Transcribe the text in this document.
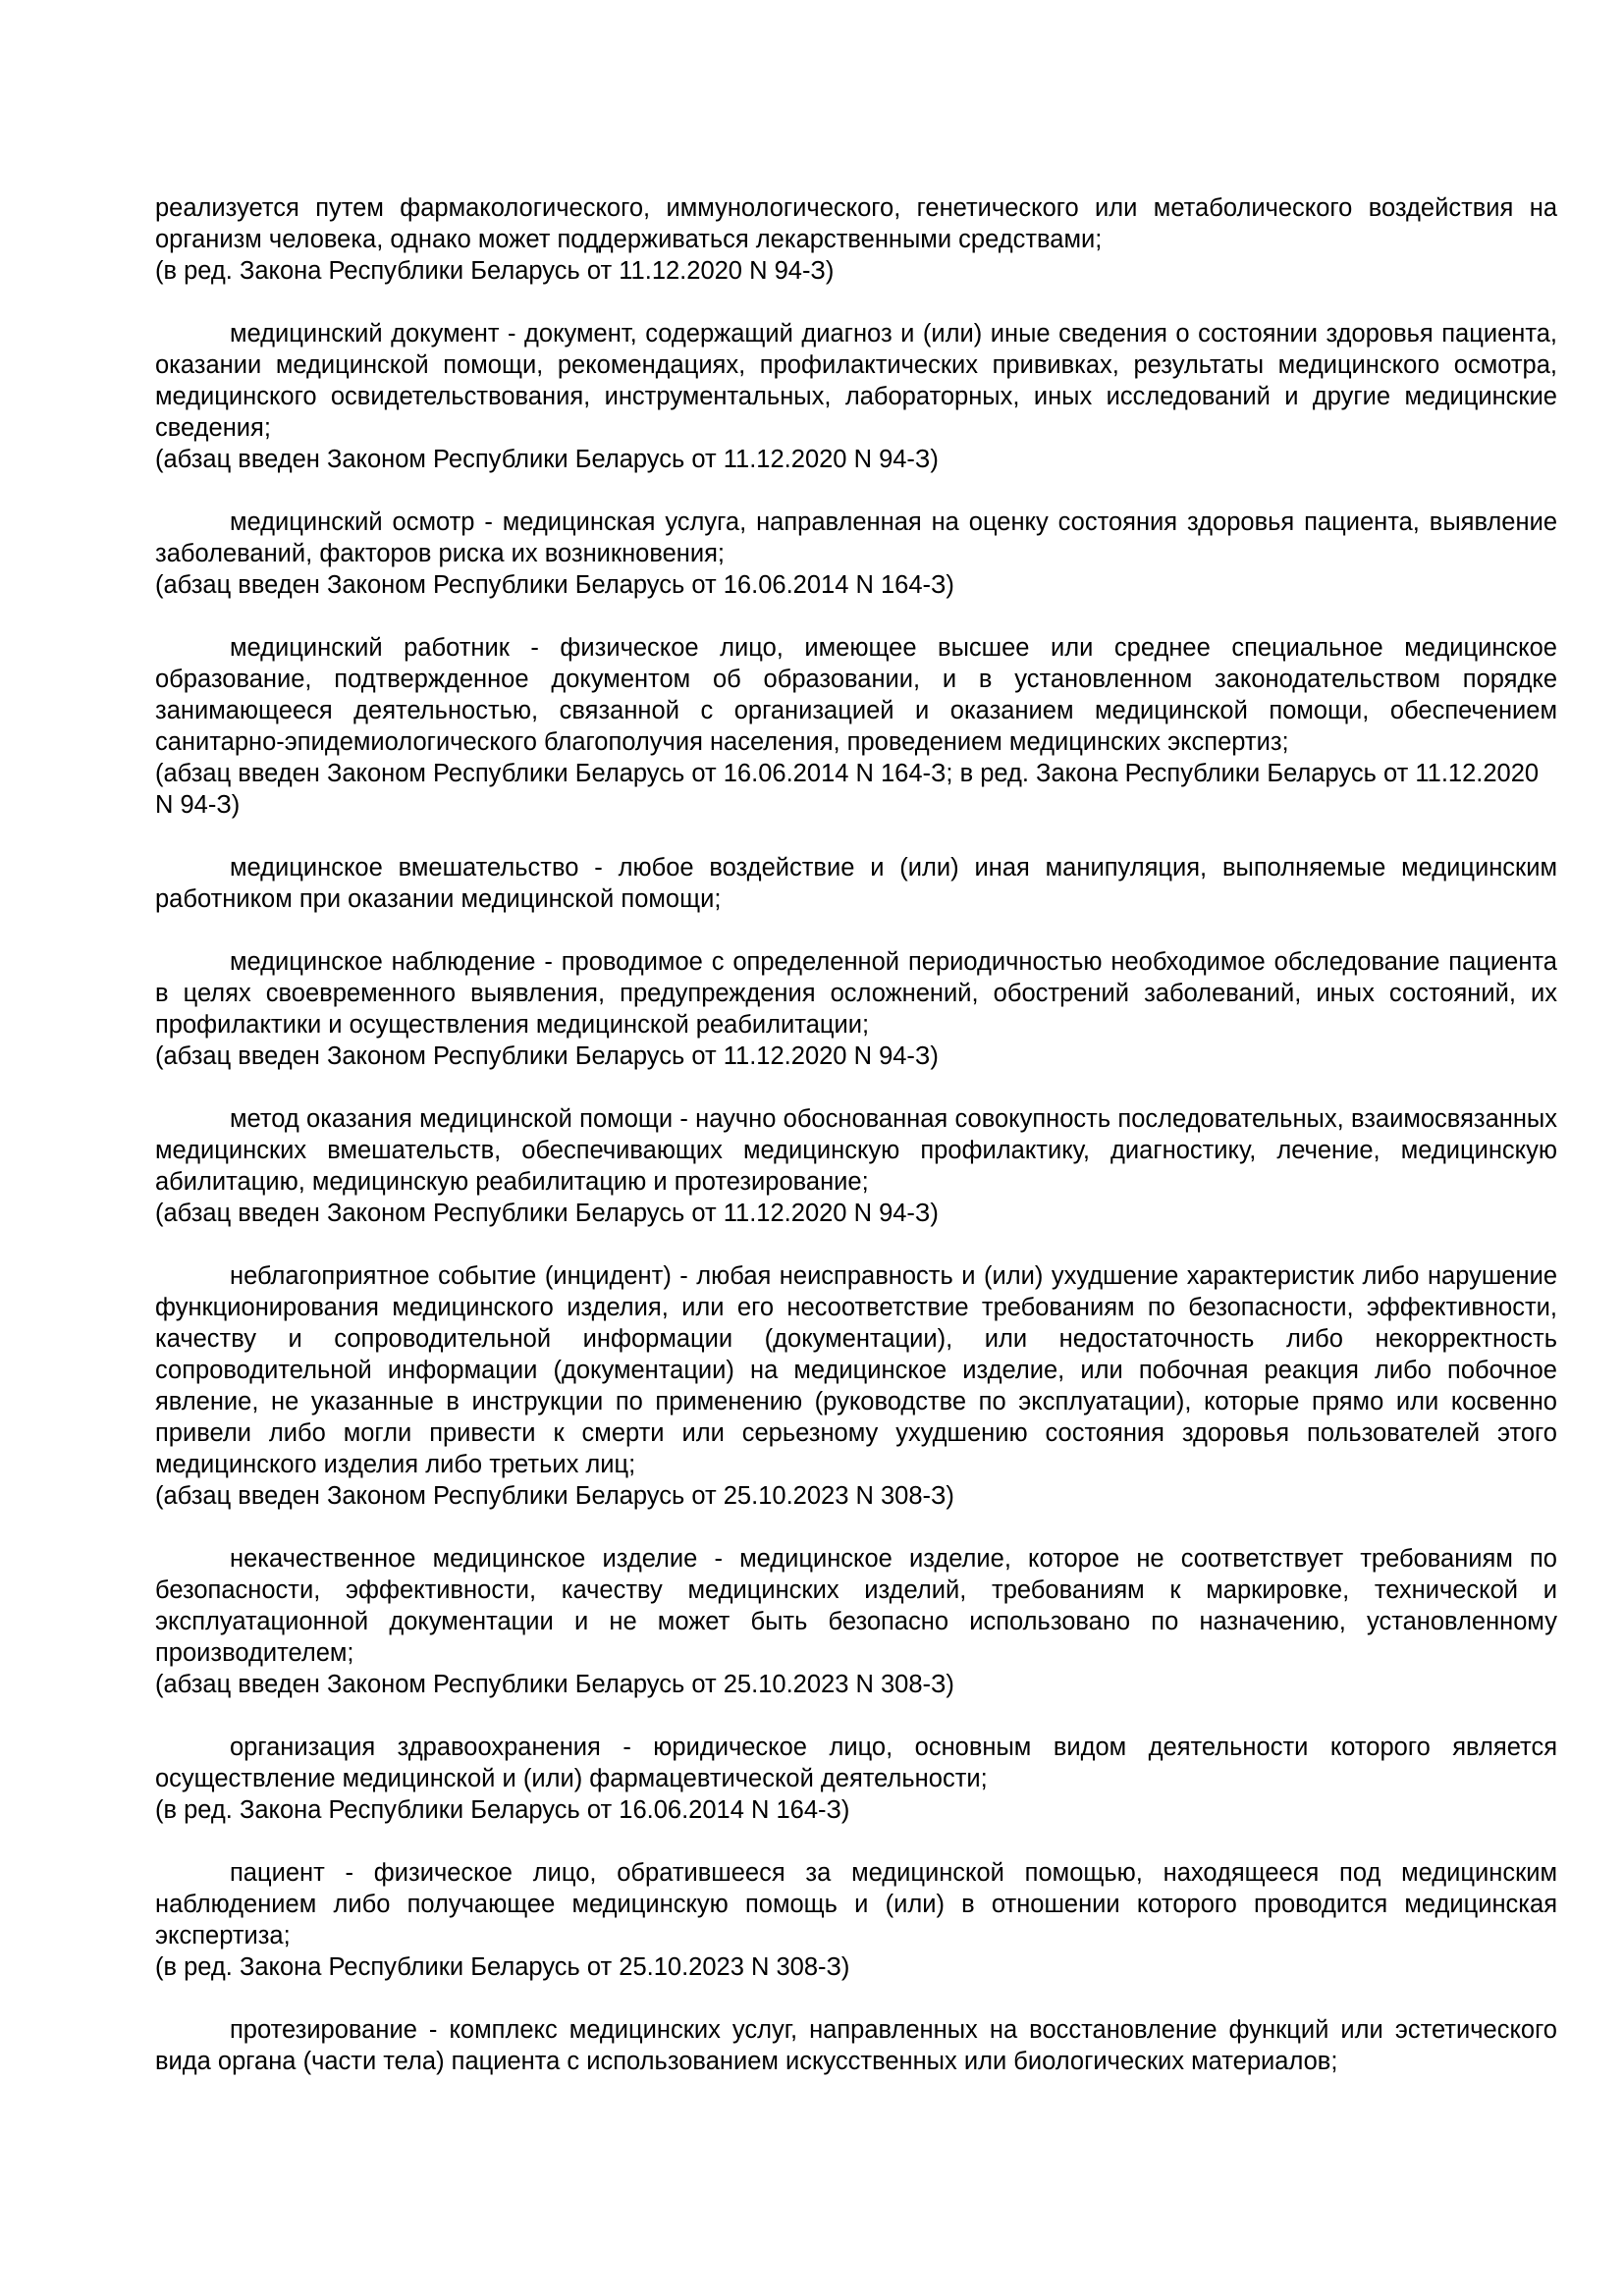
реализуется путем фармакологического, иммунологического, генетического или метаболического воздействия на организм человека, однако может поддерживаться лекарственными средствами;

(в ред. Закона Республики Беларусь от 11.12.2020 N 94-З)

медицинский документ - документ, содержащий диагноз и (или) иные сведения о состоянии здоровья пациента, оказании медицинской помощи, рекомендациях, профилактических прививках, результаты медицинского осмотра, медицинского освидетельствования, инструментальных, лабораторных, иных исследований и другие медицинские сведения;

(абзац введен Законом Республики Беларусь от 11.12.2020 N 94-З)

медицинский осмотр - медицинская услуга, направленная на оценку состояния здоровья пациента, выявление заболеваний, факторов риска их возникновения;

(абзац введен Законом Республики Беларусь от 16.06.2014 N 164-З)

медицинский работник - физическое лицо, имеющее высшее или среднее специальное медицинское образование, подтвержденное документом об образовании, и в установленном законодательством порядке занимающееся деятельностью, связанной с организацией и оказанием медицинской помощи, обеспечением санитарно-эпидемиологического благополучия населения, проведением медицинских экспертиз;

(абзац введен Законом Республики Беларусь от 16.06.2014 N 164-З; в ред. Закона Республики Беларусь от 11.12.2020 N 94-З)

медицинское вмешательство - любое воздействие и (или) иная манипуляция, выполняемые медицинским работником при оказании медицинской помощи;

медицинское наблюдение - проводимое с определенной периодичностью необходимое обследование пациента в целях своевременного выявления, предупреждения осложнений, обострений заболеваний, иных состояний, их профилактики и осуществления медицинской реабилитации;

(абзац введен Законом Республики Беларусь от 11.12.2020 N 94-З)

метод оказания медицинской помощи - научно обоснованная совокупность последовательных, взаимосвязанных медицинских вмешательств, обеспечивающих медицинскую профилактику, диагностику, лечение, медицинскую абилитацию, медицинскую реабилитацию и протезирование;

(абзац введен Законом Республики Беларусь от 11.12.2020 N 94-З)

неблагоприятное событие (инцидент) - любая неисправность и (или) ухудшение характеристик либо нарушение функционирования медицинского изделия, или его несоответствие требованиям по безопасности, эффективности, качеству и сопроводительной информации (документации), или недостаточность либо некорректность сопроводительной информации (документации) на медицинское изделие, или побочная реакция либо побочное явление, не указанные в инструкции по применению (руководстве по эксплуатации), которые прямо или косвенно привели либо могли привести к смерти или серьезному ухудшению состояния здоровья пользователей этого медицинского изделия либо третьих лиц;

(абзац введен Законом Республики Беларусь от 25.10.2023 N 308-З)

некачественное медицинское изделие - медицинское изделие, которое не соответствует требованиям по безопасности, эффективности, качеству медицинских изделий, требованиям к маркировке, технической и эксплуатационной документации и не может быть безопасно использовано по назначению, установленному производителем;

(абзац введен Законом Республики Беларусь от 25.10.2023 N 308-З)

организация здравоохранения - юридическое лицо, основным видом деятельности которого является осуществление медицинской и (или) фармацевтической деятельности;

(в ред. Закона Республики Беларусь от 16.06.2014 N 164-З)

пациент - физическое лицо, обратившееся за медицинской помощью, находящееся под медицинским наблюдением либо получающее медицинскую помощь и (или) в отношении которого проводится медицинская экспертиза;

(в ред. Закона Республики Беларусь от 25.10.2023 N 308-З)

протезирование - комплекс медицинских услуг, направленных на восстановление функций или эстетического вида органа (части тела) пациента с использованием искусственных или биологических материалов;
